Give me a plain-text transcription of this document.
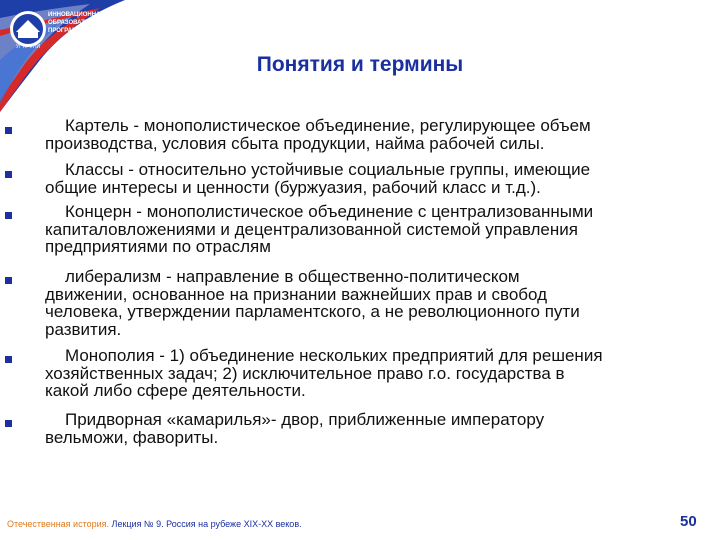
УГТУ-УПИ
ИННОВАЦИОННАЯ
ОБРАЗОВАТЕЛЬНАЯ
ПРОГРАММА
Понятия и термины
Картель - монополистическое объединение, регулирующее объем
производства, условия сбыта продукции, найма рабочей силы.
Классы - относительно устойчивые социальные группы, имеющие
общие интересы и ценности (буржуазия, рабочий класс и т.д.).
Концерн - монополистическое объединение с централизованными
капиталовложениями и децентрализованной системой управления
предприятиями по отраслям
либерализм - направление в общественно-политическом
движении, основанное на признании важнейших прав и свобод
человека, утверждении парламентского, а не революционного пути
развития.
Монополия - 1) объединение нескольких предприятий для решения
хозяйственных задач; 2) исключительное право г.о. государства в
какой либо сфере деятельности.
Придворная «камарилья»- двор, приближенные императору
вельможи, фавориты.
Отечественная история. Лекция № 9. Россия на рубеже XIX-XX веков.	50
